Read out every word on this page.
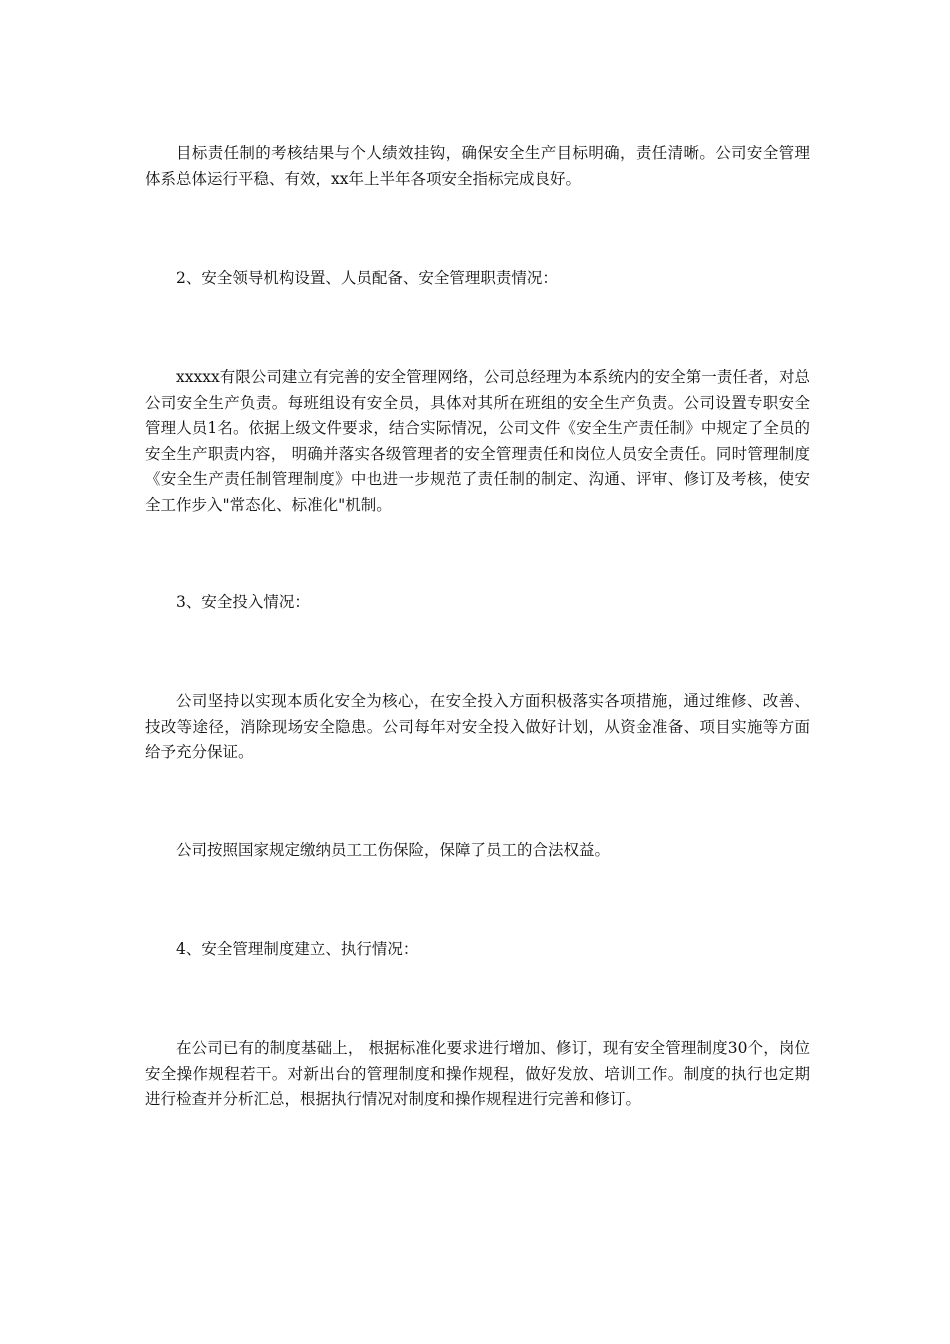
目标责任制的考核结果与个人绩效挂钩，确保安全生产目标明确，责任清晰。公司安全管理体系总体运行平稳、有效，xx年上半年各项安全指标完成良好。

2、安全领导机构设置、人员配备、安全管理职责情况：

xxxxx有限公司建立有完善的安全管理网络，公司总经理为本系统内的安全第一责任者，对总公司安全生产负责。每班组设有安全员，具体对其所在班组的安全生产负责。公司设置专职安全管理人员1名。依据上级文件要求，结合实际情况，公司文件《安全生产责任制》中规定了全员的安全生产职责内容， 明确并落实各级管理者的安全管理责任和岗位人员安全责任。同时管理制度《安全生产责任制管理制度》中也进一步规范了责任制的制定、沟通、评审、修订及考核，使安全工作步入"常态化、标准化"机制。

3、安全投入情况：

公司坚持以实现本质化安全为核心，在安全投入方面积极落实各项措施，通过维修、改善、技改等途径，消除现场安全隐患。公司每年对安全投入做好计划，从资金准备、项目实施等方面给予充分保证。

公司按照国家规定缴纳员工工伤保险，保障了员工的合法权益。

4、安全管理制度建立、执行情况：

在公司已有的制度基础上， 根据标准化要求进行增加、修订，现有安全管理制度30个，岗位安全操作规程若干。对新出台的管理制度和操作规程，做好发放、培训工作。制度的执行也定期进行检查并分析汇总，根据执行情况对制度和操作规程进行完善和修订。
